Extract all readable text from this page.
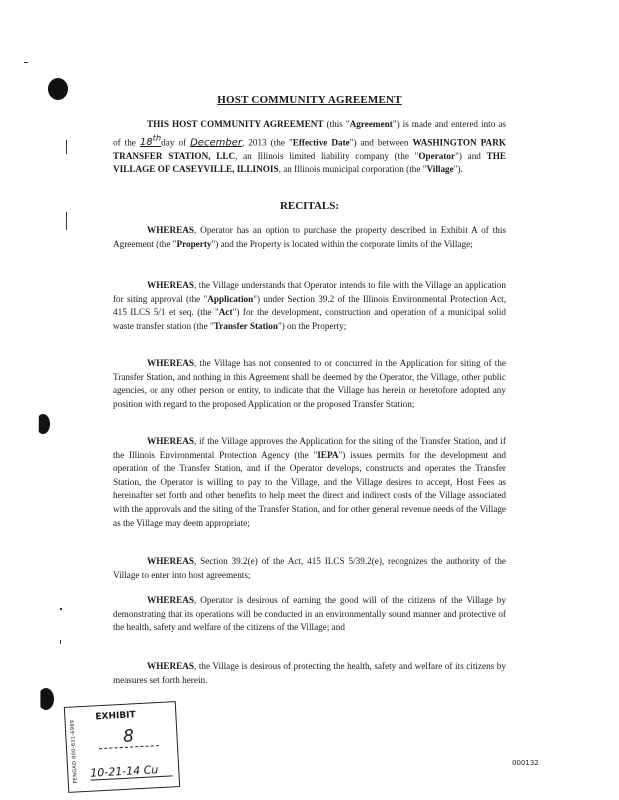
HOST COMMUNITY AGREEMENT

THIS HOST COMMUNITY AGREEMENT (this "Agreement") is made and entered into as of the 18thday of December, 2013 (the "Effective Date") and between WASHINGTON PARK TRANSFER STATION, LLC, an Illinois limited liability company (the "Operator") and THE VILLAGE OF CASEYVILLE, ILLINOIS, an Illinois municipal corporation (the "Village").

RECITALS:

WHEREAS, Operator has an option to purchase the property described in Exhibit A of this Agreement (the "Property") and the Property is located within the corporate limits of the Village;

WHEREAS, the Village understands that Operator intends to file with the Village an application for siting approval (the "Application") under Section 39.2 of the Illinois Environmental Protection Act, 415 ILCS 5/1 et seq. (the "Act") for the development, construction and operation of a municipal solid waste transfer station (the "Transfer Station") on the Property;

WHEREAS, the Village has not consented to or concurred in the Application for siting of the Transfer Station, and nothing in this Agreement shall be deemed by the Operator, the Village, other public agencies, or any other person or entity, to indicate that the Village has herein or heretofore adopted any position with regard to the proposed Application or the proposed Transfer Station;

WHEREAS, if the Village approves the Application for the siting of the Transfer Station, and if the Illinois Environmental Protection Agency (the "IEPA") issues permits for the development and operation of the Transfer Station, and if the Operator develops, constructs and operates the Transfer Station, the Operator is willing to pay to the Village, and the Village desires to accept, Host Fees as hereinafter set forth and other benefits to help meet the direct and indirect costs of the Village associated with the approvals and the siting of the Transfer Station, and for other general revenue needs of the Village as the Village may deem appropriate;

WHEREAS, Section 39.2(e) of the Act, 415 ILCS 5/39.2(e), recognizes the authority of the Village to enter into host agreements;

WHEREAS, Operator is desirous of earning the good will of the citizens of the Village by demonstrating that its operations will be conducted in an environmentally sound manner and protective of the health, safety and welfare of the citizens of the Village; and

WHEREAS, the Village is desirous of protecting the health, safety and welfare of its citizens by measures set forth herein.

PENGAD 800-631-6989
EXHIBIT
8
10-21-14 Cu
000132
